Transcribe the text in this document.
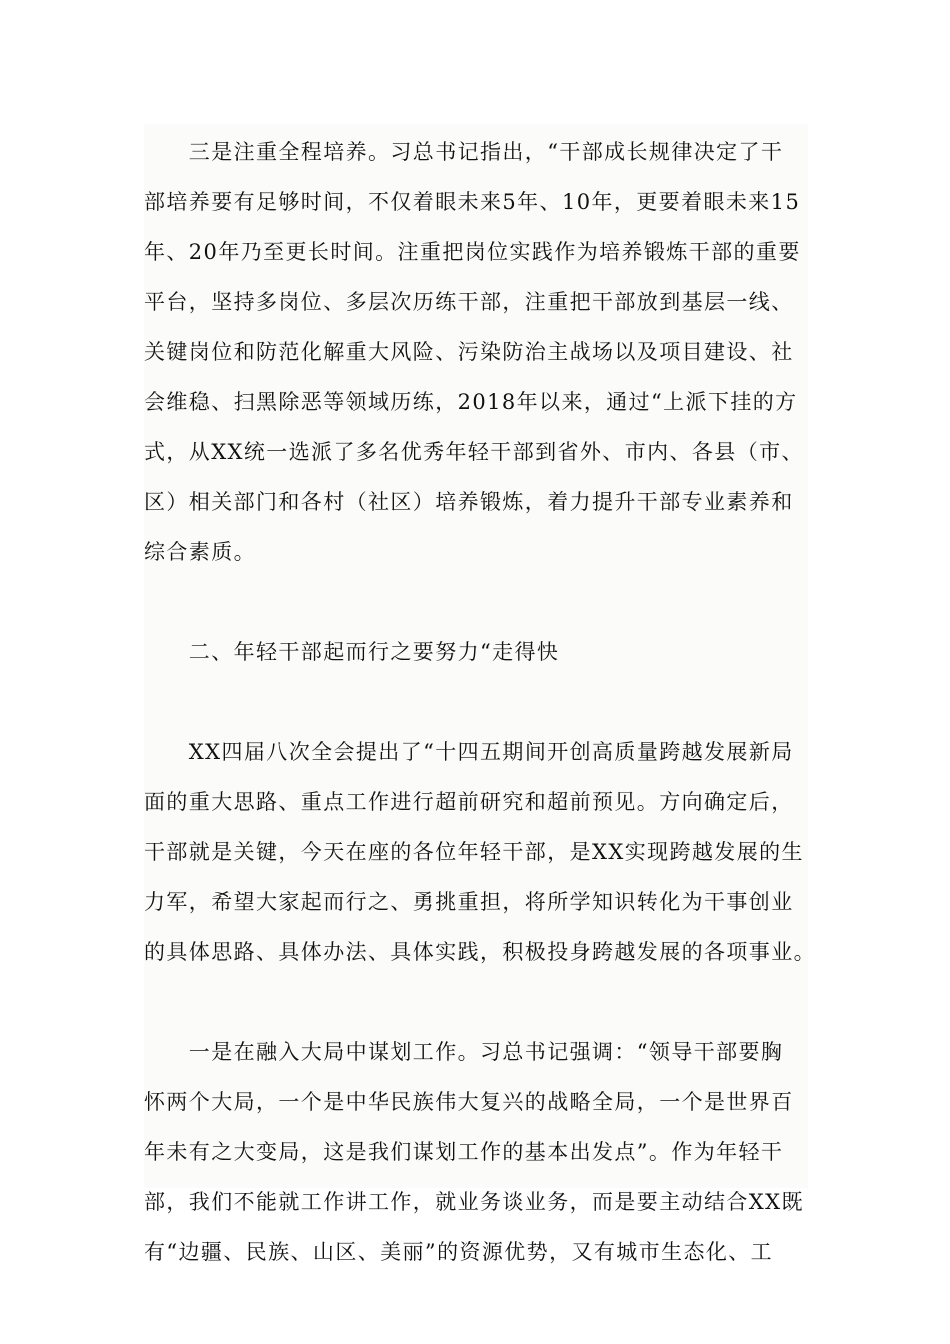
　　三是注重全程培养。习总书记指出，“干部成长规律决定了干
部培养要有足够时间，不仅着眼未来5年、10年，更要着眼未来15
年、20年乃至更长时间。注重把岗位实践作为培养锻炼干部的重要
平台，坚持多岗位、多层次历练干部，注重把干部放到基层一线、
关键岗位和防范化解重大风险、污染防治主战场以及项目建设、社
会维稳、扫黑除恶等领域历练，2018年以来，通过“上派下挂的方
式，从XX统一选派了多名优秀年轻干部到省外、市内、各县（市、
区）相关部门和各村（社区）培养锻炼，着力提升干部专业素养和
综合素质。
　　二、年轻干部起而行之要努力“走得快
　　XX四届八次全会提出了“十四五期间开创高质量跨越发展新局
面的重大思路、重点工作进行超前研究和超前预见。方向确定后，
干部就是关键，今天在座的各位年轻干部，是XX实现跨越发展的生
力军，希望大家起而行之、勇挑重担，将所学知识转化为干事创业
的具体思路、具体办法、具体实践，积极投身跨越发展的各项事业。
　　一是在融入大局中谋划工作。习总书记强调：“领导干部要胸
怀两个大局，一个是中华民族伟大复兴的战略全局，一个是世界百
年未有之大变局，这是我们谋划工作的基本出发点”。作为年轻干
部，我们不能就工作讲工作，就业务谈业务，而是要主动结合XX既
有“边疆、民族、山区、美丽”的资源优势，又有城市生态化、工
